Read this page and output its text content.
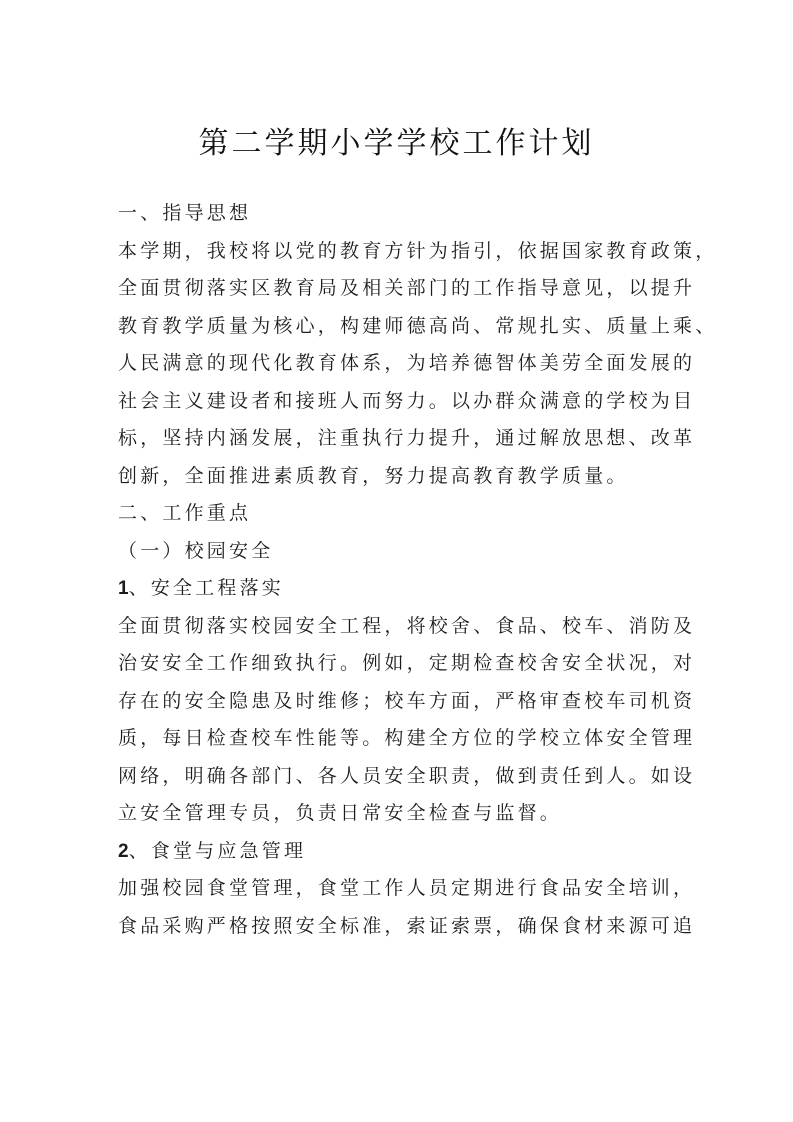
第二学期小学学校工作计划
一、指导思想
本学期，我校将以党的教育方针为指引，依据国家教育政策，
全面贯彻落实区教育局及相关部门的工作指导意见，以提升
教育教学质量为核心，构建师德高尚、常规扎实、质量上乘、
人民满意的现代化教育体系，为培养德智体美劳全面发展的
社会主义建设者和接班人而努力。以办群众满意的学校为目
标，坚持内涵发展，注重执行力提升，通过解放思想、改革
创新，全面推进素质教育，努力提高教育教学质量。
二、工作重点
（一）校园安全
1、安全工程落实
全面贯彻落实校园安全工程，将校舍、食品、校车、消防及
治安安全工作细致执行。例如，定期检查校舍安全状况，对
存在的安全隐患及时维修；校车方面，严格审查校车司机资
质，每日检查校车性能等。构建全方位的学校立体安全管理
网络，明确各部门、各人员安全职责，做到责任到人。如设
立安全管理专员，负责日常安全检查与监督。
2、食堂与应急管理
加强校园食堂管理，食堂工作人员定期进行食品安全培训，
食品采购严格按照安全标准，索证索票，确保食材来源可追
